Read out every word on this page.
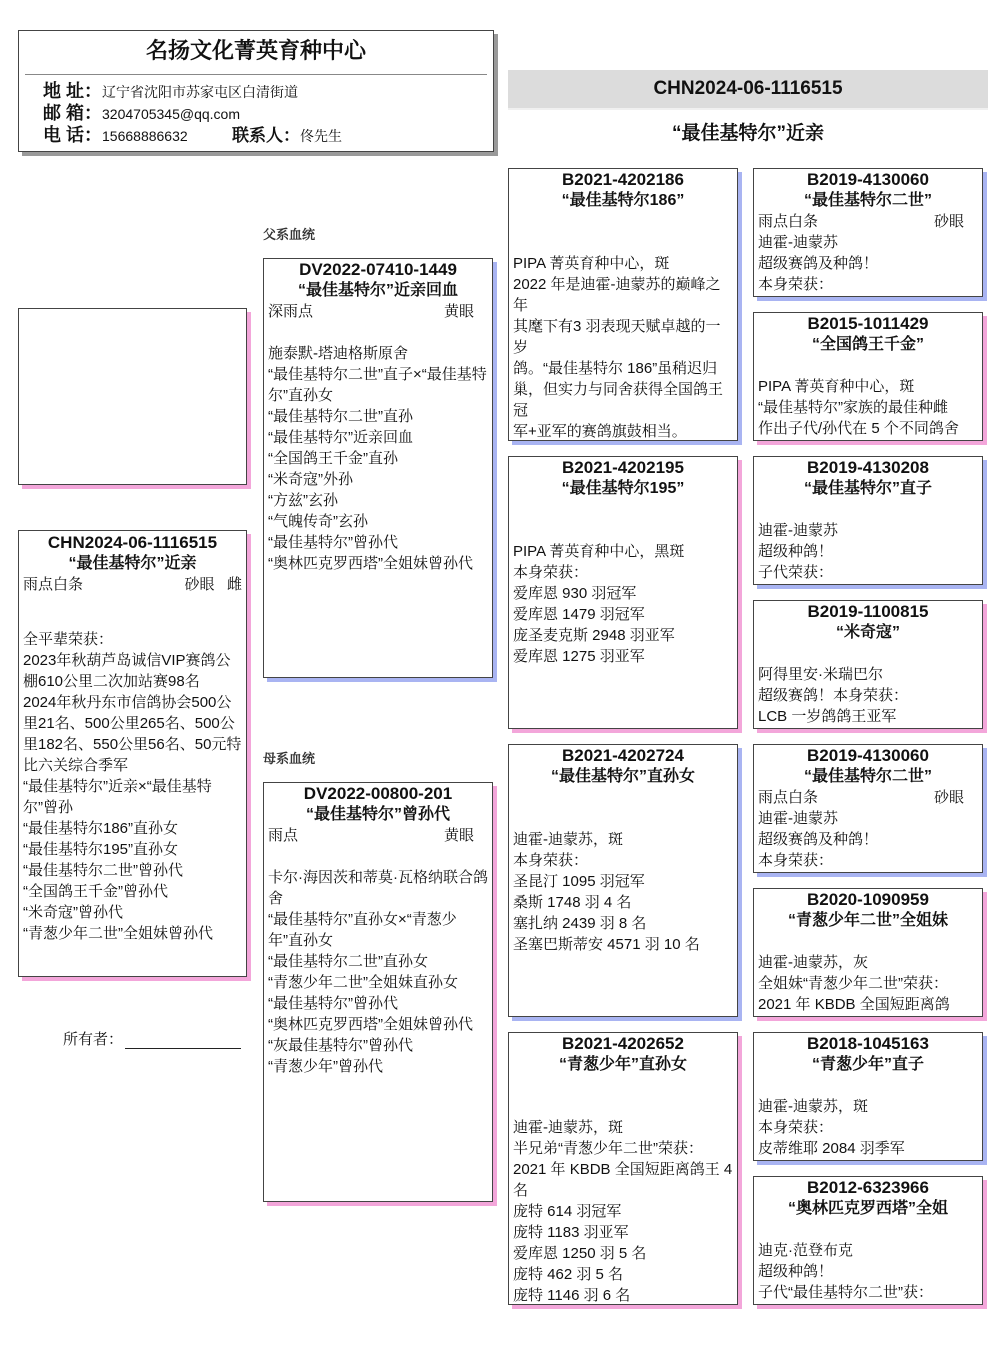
名扬文化菁英育种中心
地 址：辽宁省沈阳市苏家屯区白清街道
邮 箱：3204705345@qq.com
电 话：15668886632	联系人：佟先生
CHN2024-06-1116515
“最佳基特尔”近亲
父系血统
母系血统
CHN2024-06-1116515
“最佳基特尔”近亲
雨点白条	砂眼 雌
全平辈荣获：
2023年秋葫芦岛诚信VIP赛鸽公棚610公里二次加站赛98名
2024年秋丹东市信鸽协会500公里21名、500公里265名、500公里182名、550公里56名、50元特比六关综合季军
“最佳基特尔”近亲×“最佳基特尔”曾孙
“最佳基特尔186”直孙女
“最佳基特尔195”直孙女
“最佳基特尔二世”曾孙代
“全国鸽王千金”曾孙代
“米奇寇”曾孙代
“青葱少年二世”全姐妹曾孙代
所有者：
DV2022-07410-1449
“最佳基特尔”近亲回血
深雨点	黄眼
施泰默-塔迪格斯原舍
“最佳基特尔二世”直子×“最佳基特尔”直孙女
“最佳基特尔二世”直孙
“最佳基特尔”近亲回血
“全国鸽王千金”直孙
“米奇寇”外孙
“方兹”玄孙
“气魄传奇”玄孙
“最佳基特尔”曾孙代
“奥林匹克罗西塔”全姐妹曾孙代
DV2022-00800-201
“最佳基特尔”曾孙代
雨点	黄眼
卡尔·海因茨和蒂莫·瓦格纳联合鸽舍
“最佳基特尔”直孙女×“青葱少年”直孙女
“最佳基特尔二世”直孙女
“青葱少年二世”全姐妹直孙女
“最佳基特尔”曾孙代
“奥林匹克罗西塔”全姐妹曾孙代
“灰最佳基特尔”曾孙代
“青葱少年”曾孙代
B2021-4202186
“最佳基特尔186”
PIPA 菁英育种中心，斑
2022 年是迪霍-迪蒙苏的巅峰之年
其麾下有3 羽表现天赋卓越的一岁
鸽。“最佳基特尔 186”虽稍迟归巢，但实力与同舍获得全国鸽王冠
军+亚军的赛鸽旗鼓相当。
B2021-4202195
“最佳基特尔195”
PIPA 菁英育种中心，黑斑
本身荣获：
爱库恩 930 羽冠军
爱库恩 1479 羽冠军
庞圣麦克斯 2948 羽亚军
爱库恩 1275 羽亚军
B2021-4202724
“最佳基特尔”直孙女
迪霍-迪蒙苏，斑
本身荣获：
圣昆汀 1095 羽冠军
桑斯 1748 羽 4 名
塞扎纳 2439 羽 8 名
圣塞巴斯蒂安 4571 羽 10 名
B2021-4202652
“青葱少年”直孙女
迪霍-迪蒙苏，斑
半兄弟“青葱少年二世”荣获：
2021 年 KBDB 全国短距离鸽王 4 名
庞特 614 羽冠军
庞特 1183 羽亚军
爱库恩 1250 羽 5 名
庞特 462 羽 5 名
庞特 1146 羽 6 名
B2019-4130060
“最佳基特尔二世”
雨点白条	砂眼
迪霍-迪蒙苏
超级赛鸽及种鸽！
本身荣获：
B2015-1011429
“全国鸽王千金”
PIPA 菁英育种中心，斑
“最佳基特尔”家族的最佳种雌
作出子代/孙代在 5 个不同鸽舍
B2019-4130208
“最佳基特尔”直子
迪霍-迪蒙苏
超级种鸽！
子代荣获：
B2019-1100815
“米奇寇”
阿得里安·米瑞巴尔
超级赛鸽！本身荣获：
LCB 一岁鸽鸽王亚军
B2019-4130060
“最佳基特尔二世”
雨点白条	砂眼
迪霍-迪蒙苏
超级赛鸽及种鸽！
本身荣获：
B2020-1090959
“青葱少年二世”全姐妹
迪霍-迪蒙苏，灰
全姐妹“青葱少年二世”荣获：
2021 年 KBDB 全国短距离鸽
B2018-1045163
“青葱少年”直子
迪霍-迪蒙苏，斑
本身荣获：
皮蒂维耶 2084 羽季军
B2012-6323966
“奥林匹克罗西塔”全姐
迪克·范登布克
超级种鸽！
子代“最佳基特尔二世”获：
